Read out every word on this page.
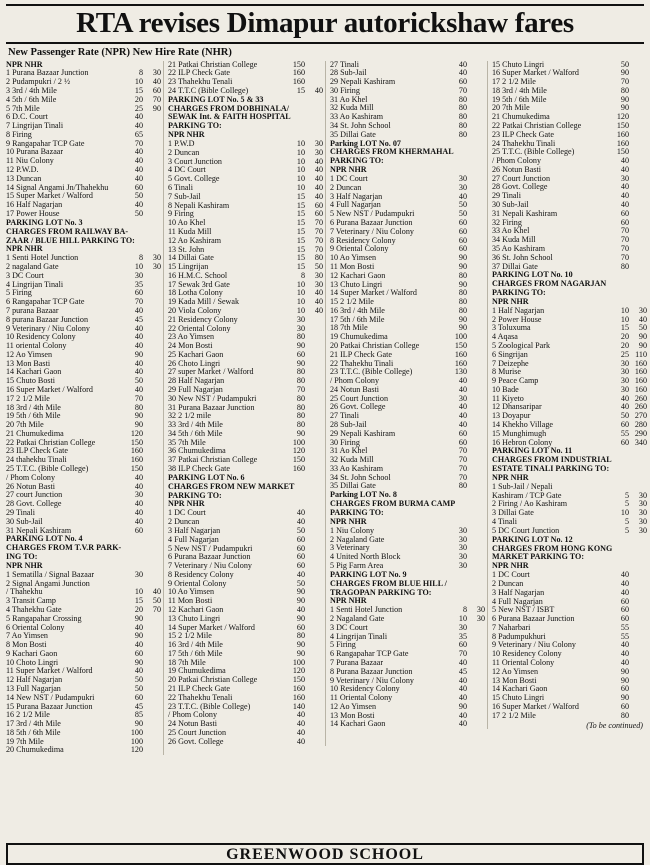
RTA revises Dimapur autorickshaw fares
New Passenger Rate (NPR) New Hire Rate (NHR)
NPR NHR
1 Purana Bazaar Junction	8	30
2 Pudampukri / 2 ½	10	40
3 3rd / 4th Mile	15	60
4 5th / 6th Mile	20	70
5 7th Mile	25	90
6 D.C. Court	40
7 Lingrijan Tinali	40
8 Firing	65
9 Rangapahar TCP Gate	70
10 Purana Bazaar	40
11 Niu Colony	40
12 P.W.D.	40
13 Duncan	40
14 Signal Angami Jn/Thahekhu	60
15 Super Market / Walford	50
16 Half Nagarjan	40
17 Power House	50
PARKING LOT No. 3
CHARGES FROM RAILWAY BA-
ZAAR / BLUE HILL PARKING TO:
NPR NHR
1 Senti Hotel Junction	8	30
2 nagaland Gate	10	30
3 DC Court	30
4 Lingrijan Tinali	35
5 Firing	60
6 Rangapahar TCP Gate	70
7 purana Bazaar	40
8 purana Bazaar Junction	45
9 Veterinary / Niu Colony	40
10 Residency Colony	40
11 oriental Colony	40
12 Ao Yimsen	90
13 Mon Basti	40
14 Kachari Gaon	40
15 Chuto Bosti	50
16 Super Market / Walford	40
17 2 1/2 Mile	70
18 3rd / 4th Mile	80
19 5th / 6th Mile	90
20 7th Mile	90
21 Chumukedima	120
22 Patkai Christian College	150
23 ILP Check Gate	160
24 thahekhu Tinali	160
25 T.T.C. (Bible College)	150
/ Phom Colony	40
26 Notun Basti	40
27 court Junction	30
28 Govt. College	40
29 Tinali	40
30 Sub-Jail	40
31 Nepali Kashiram	60
PARKING LOT No. 4
CHARGES FROM T.V.R PARK-
ING TO:
NPR NHR
1 Sematilla / Signal Bazaar	30
2 Signal Angami Junction
/ Thahekhu	10	40
3 Transit Camp	15	50
4 Thahekhu Gate	20	70
5 Rangapahar Crossing	90
6 Oriental Colony	40
7 Ao Yimsen	90
8 Mon Bosti	40
9 Kachari Gaon	60
10 Choto Lingri	90
11 Super Market / Walford	40
12 Half Nagarjan	50
13 Full Nagarjan	50
14 New NST / Pudampukri	60
15 Purana Bazaar Junction	45
16 2 1/2 Mile	85
17 3rd / 4th Mile	90
18 5th / 6th Mile	100
19 7th Mile	100
20 Chumukedima	120
21 Patkai Christian College	150
22 ILP Check Gate	160
23 Thahekhu Tenali	160
24 T.T.C (Bible College)	15	40
PARKING LOT No. 5 & 33
CHARGES FROM DOBHINALA/
SEWAK Int. & FAITH HOSPITAL
PARKING TO:
NPR NHR
1 P.W.D	10	30
2 Duncan	10	30
3 Court Junction	10	40
4 DC Court	10	40
5 Govt. College	10	40
6 Tinali	10	40
7 Sub-Jail	15	40
8 Nepali Kashiram	15	60
9 Firing	15	60
10 Ao Khel	15	70
11 Kuda Mill	15	70
12 Ao Kashiram	15	70
13 St. John	15	70
14 Dillai Gate	15	80
15 Lingrijan	15	50
16 H.M.C. School	8	30
17 Sewak 3rd Gate	10	30
18 Lotha Colony	10	40
19 Kada Mill / Sewak	10	40
20 Viola Colony	10	40
21 Residency Colony	30
22 Oriental Colony	30
23 Ao Yimsen	80
24 Mon Bosti	90
25 Kachari Gaon	60
26 Choto Lingri	90
27 super Market / Walford	80
28 Half Nagarjan	80
29 Full Nagarjan	70
30 New NST / Pudampukri	80
31 Purana Bazaar Junction	80
32 2 1/2 mile	80
33 3rd / 4th Mile	80
34 5th / 6th Mile	90
35 7th Mile	100
36 Chumukedima	120
37 Patkai Christian College	150
38 ILP Check Gate	160
PARKING LOT No. 6
CHARGES FROM NEW MARKET
PARKING TO:
NPR NHR
1 DC Court	40
2 Duncan	40
3 Half Nagarjan	50
4 Full Nagarjan	60
5 New NST / Pudampukri	60
6 Purana Bazaar Junction	60
7 Veterinary / Niu Colony	60
8 Residency Colony	40
9 Oriental Colony	50
10 Ao Yimsen	90
11 Mon Bosti	90
12 Kachari Gaon	40
13 Chuto Lingri	90
14 Super Market / Walford	60
15 2 1/2 Mile	80
16 3rd / 4th Mile	90
17 5th / 6th Mile	90
18 7th Mile	100
19 Chumukedima	120
20 Patkai Christian College	150
21 ILP Check Gate	160
22 Thahekhu Tenali	160
23 T.T.C. (Bible College)	140
/ Phom Colony	40
24 Notun Basti	40
25 Court Junction	40
26 Govt. College	40
27 Tinali	40
28 Sub-Jail	40
29 Nepali Kashiram	60
30 Firing	70
31 Ao Khel	80
32 Kuda Mill	80
33 Ao Kashiram	80
34 St. John School	80
35 Dillai Gate	80
Parking LOT No. 07
CHARGES FROM KHERMAHAL
PARKING TO:
NPR NHR
1 DC Court	30
2 Duncan	30
3 Half Nagarjan	40
4 Full Nagarjan	50
5 New NST / Pudampukri	50
6 Purana Bazaar Junction	60
7 Veterinary / Niu Colony	60
8 Residency Colony	60
9 Oriental Colony	60
10 Ao Yimsen	90
11 Mon Bosti	90
12 Kachari Gaon	80
13 Chuto Lingri	90
14 Super Market / Walford	80
15 2 1/2 Mile	80
16 3rd / 4th Mile	80
17 5th / 6th Mile	90
18 7th Mile	90
19 Chumukedima	100
20 Patkai Christian College	150
21 ILP Check Gate	160
22 Thahekhu Tinali	160
23 T.T.C. (Bible College)	130
/ Phom Colony	40
24 Notun Basti	40
25 Court Junction	30
26 Govt. College	40
27 Tinali	40
28 Sub-Jail	40
29 Nepali Kashiram	60
30 Firing	60
31 Ao Khel	70
32 Kuda Mill	70
33 Ao Kashiram	70
34 St. John School	70
35 Dillai Gate	80
Parking LOT No. 8
CHARGES FROM BURMA CAMP
PARKING TO:
NPR NHR
1 Niu Colony	30
2 Nagaland Gate	30
3 Veterinary	30
4 United North Block	30
5 Pig Farm Area	30
PARKING LOT No. 9
CHARGES FROM BLUE HILL /
TRAGOPAN PARKING TO:
NPR NHR
1 Senti Hotel Junction	8	30
2 Nagaland Gate	10	30
3 DC Court	30
4 Lingrijan Tinali	35
5 Firing	60
6 Rangapahar TCP Gate	70
7 Purana Bazaar	40
8 Purana Bazaar Junction	45
9 Veterinary / Niu Colony	40
10 Residency Colony	40
11 Oriental Colony	40
12 Ao Yimsen	90
13 Mon Bosti	40
14 Kachari Gaon	40
15 Chuto Lingri	50
16 Super Market / Walford	90
17 2 1/2 Mile	70
18 3rd / 4th Mile	80
19 5th / 6th Mile	90
20 7th Mile	90
21 Chumukedima	120
22 Patkai Christian College	150
23 ILP Check Gate	160
24 Thahekhu Tinali	160
25 T.T.C. (Bible College)	150
/ Phom Colony	40
26 Notun Basti	40
27 Court Junction	30
28 Govt. College	40
29 Tinali	40
30 Sub-Jail	40
31 Nepali Kashiram	60
32 Firing	60
33 Ao Khel	70
34 Kuda Mill	70
35 Ao Kashiram	70
36 St. John School	70
37 Dillai Gate	80
PARKING LOT No. 10
CHARGES FROM NAGARJAN
PARKING TO:
NPR NHR
1 Half Nagarjan	10	30
2 Power House	10	40
3 Toluxuma	15	50
4 Aqasa	20	90
5 Zoological Park	20	90
6 Singrijan	25 110
7 Deizephe	30 160
8 Murise	30 160
9 Peace Camp	30 160
10 Bade	30 160
11 Kiyeto	40 260
12 Dhansaripar	40 260
13 Doyapur	50 270
14 Khekho Village	60 280
15 Munghimugh	55 290
16 Hebron Colony	60 340
PARKING LOT No. 11
CHARGES FROM INDUSTRIAL
ESTATE TINALI PARKING TO:
NPR NHR
1 Sub-Jail / Nepali
Kashiram / TCP Gate	5	30
2 Firing / Ao Kashiram	5	30
3 Dillai Gate	10	30
4 Tinali	5	30
5 DC Court Junction	5	30
PARKING LOT No. 12
CHARGES FROM HONG KONG
MARKET PARKING TO:
NPR NHR
1 DC Court	40
2 Duncan	40
3 Half Nagarjan	40
4 Full Nagarjan	60
5 New NST / ISBT	60
6 Purana Bazaar Junction	60
7 Naharbari	55
8 Padumpukhuri	55
9 Veterinary / Niu Colony	40
10 Residency Colony	40
11 Oriental Colony	40
12 Ao Yimsen	90
13 Mon Bosti	90
14 Kachari Gaon	60
15 Chuto Lingri	90
16 Super Market / Walford	60
17 2 1/2 Mile	80
(To be continued)
GREENWOOD SCHOOL
